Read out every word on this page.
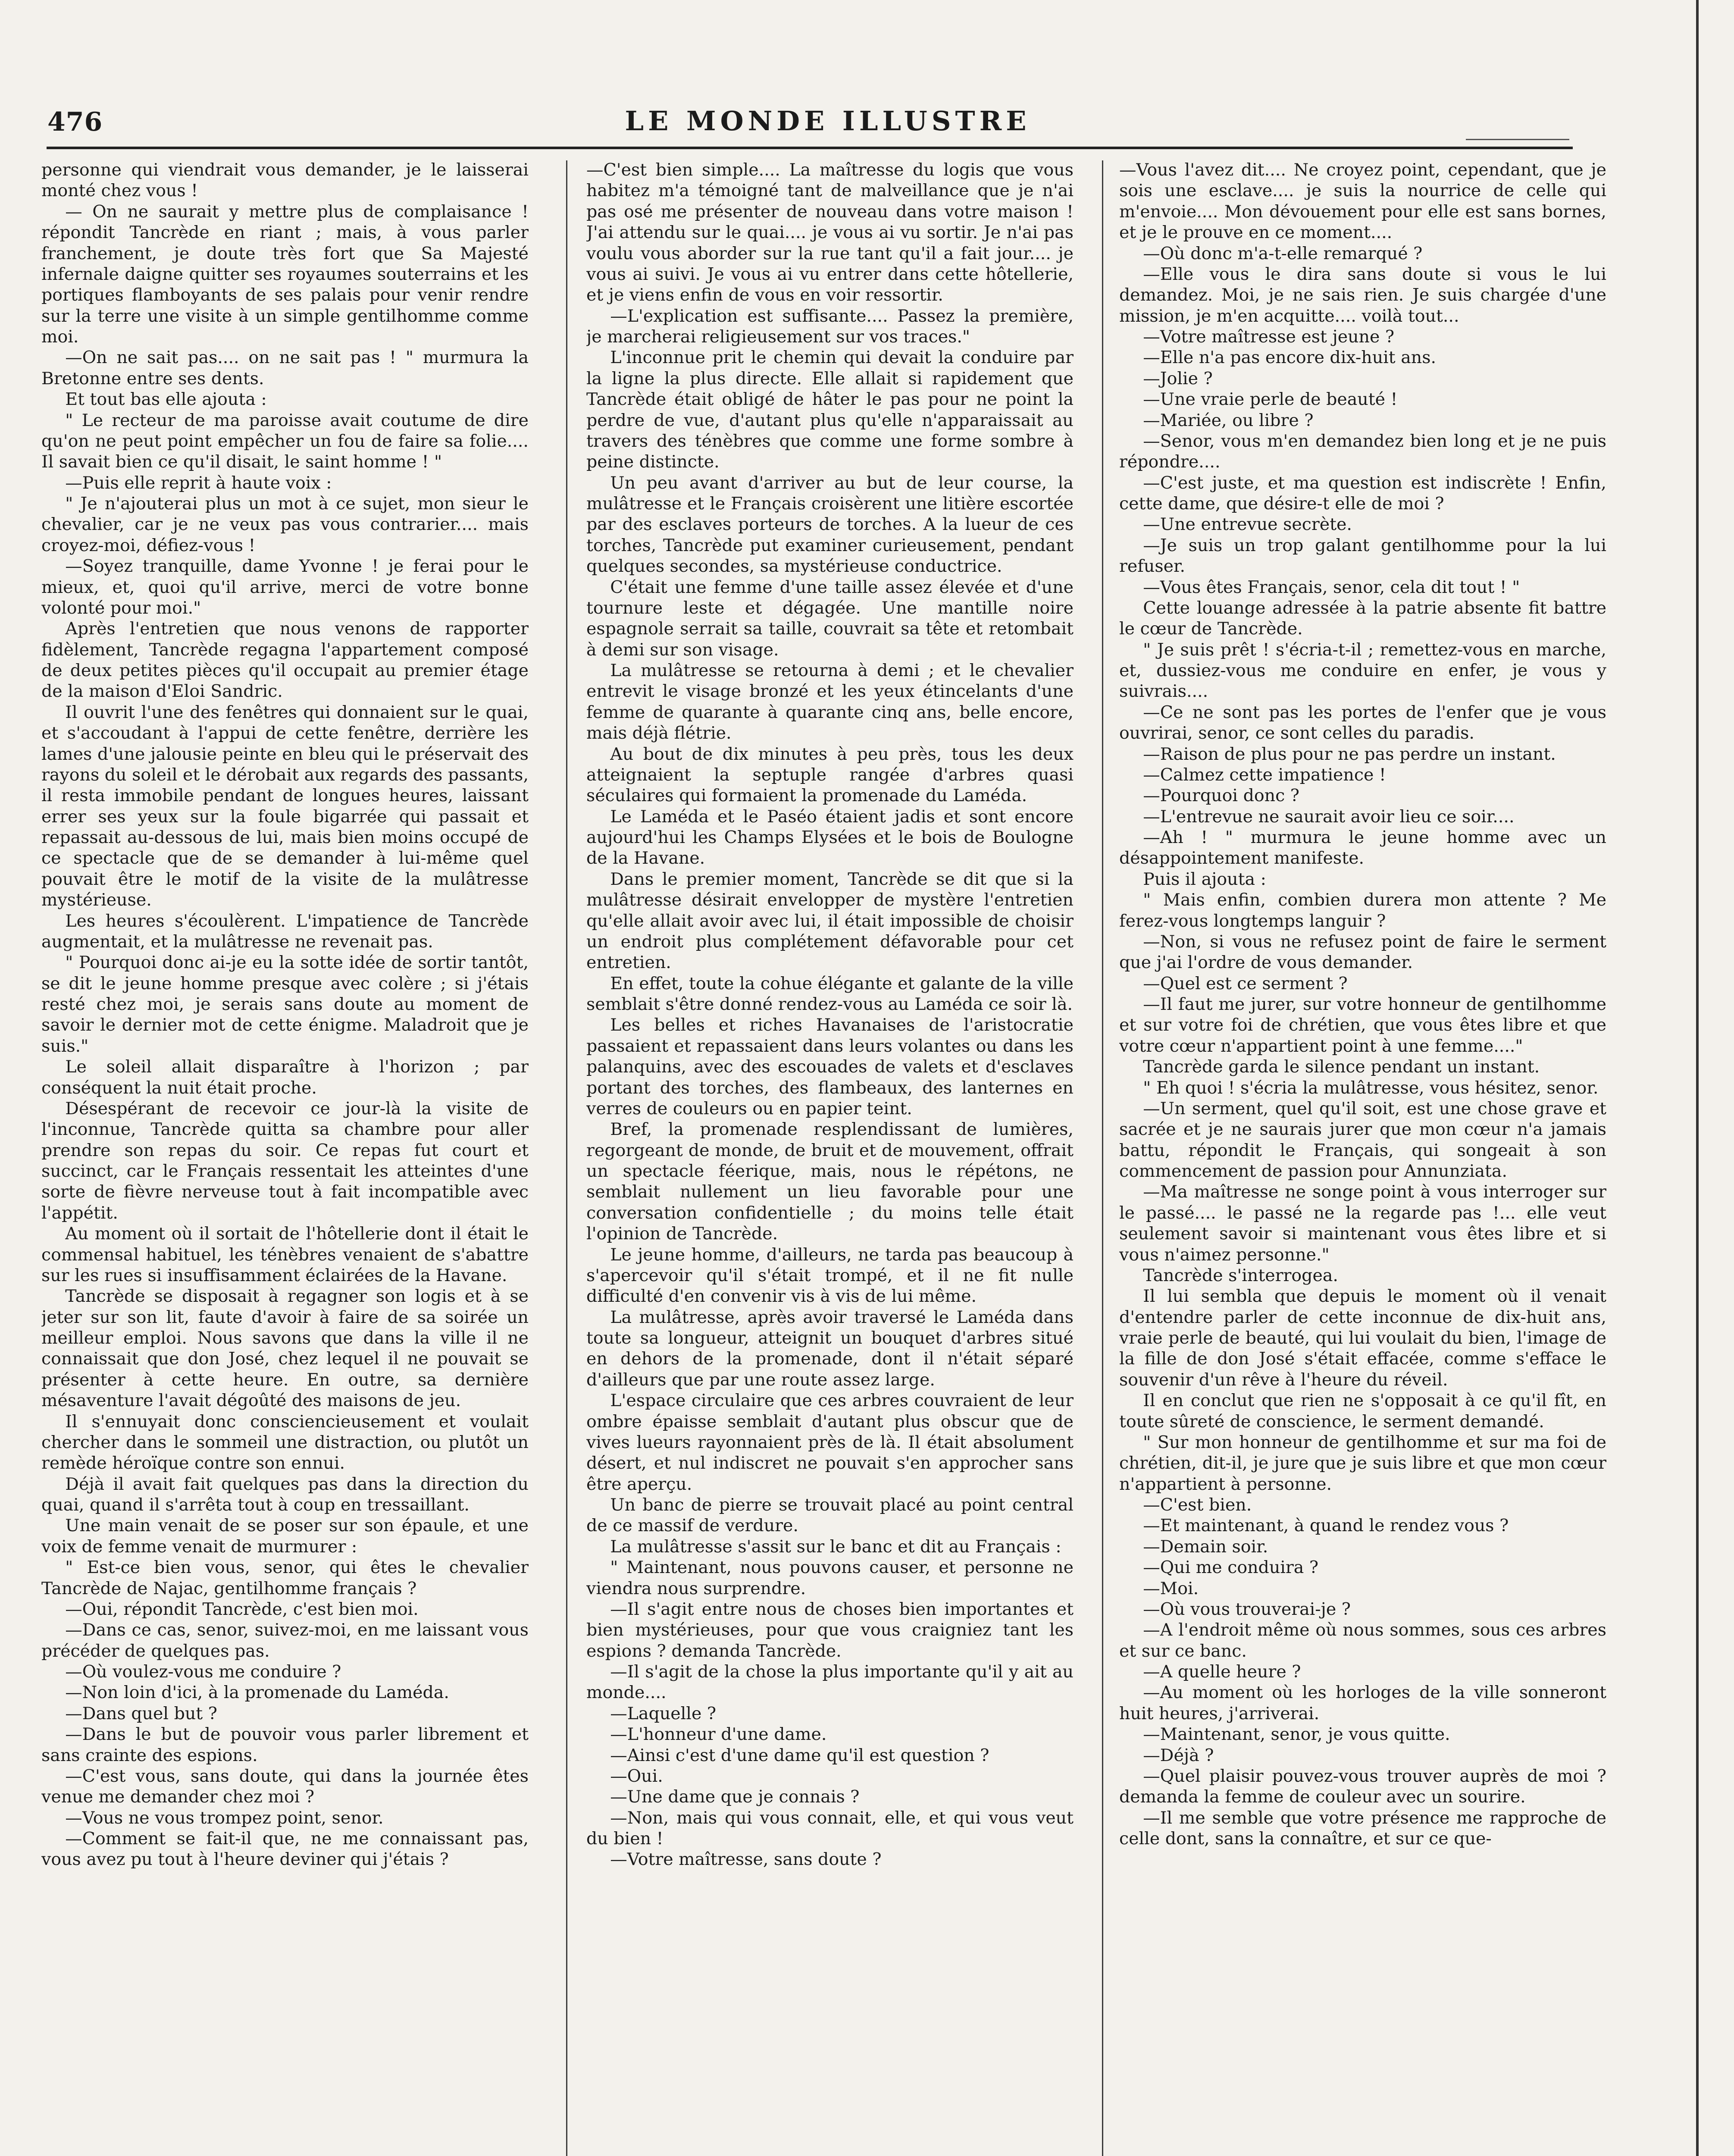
476	LE MONDE ILLUSTRE

personne qui viendrait vous demander, je le laisserai monté chez vous !

— On ne saurait y mettre plus de complaisance ! répondit Tancrède en riant ; mais, à vous parler franchement, je doute très fort que Sa Majesté infernale daigne quitter ses royaumes souterrains et les portiques flamboyants de ses palais pour venir rendre sur la terre une visite à un simple gentilhomme comme moi.

—On ne sait pas.... on ne sait pas ! " murmura la Bretonne entre ses dents.

Et tout bas elle ajouta :

" Le recteur de ma paroisse avait coutume de dire qu'on ne peut point empêcher un fou de faire sa folie.... Il savait bien ce qu'il disait, le saint homme ! "

—Puis elle reprit à haute voix :

" Je n'ajouterai plus un mot à ce sujet, mon sieur le chevalier, car je ne veux pas vous contrarier.... mais croyez-moi, défiez-vous !

—Soyez tranquille, dame Yvonne ! je ferai pour le mieux, et, quoi qu'il arrive, merci de votre bonne volonté pour moi."

Après l'entretien que nous venons de rapporter fidèlement, Tancrède regagna l'appartement composé de deux petites pièces qu'il occupait au premier étage de la maison d'Eloi Sandric.

Il ouvrit l'une des fenêtres qui donnaient sur le quai, et s'accoudant à l'appui de cette fenêtre, derrière les lames d'une jalousie peinte en bleu qui le préservait des rayons du soleil et le dérobait aux regards des passants, il resta immobile pendant de longues heures, laissant errer ses yeux sur la foule bigarrée qui passait et repassait au-dessous de lui, mais bien moins occupé de ce spectacle que de se demander à lui-même quel pouvait être le motif de la visite de la mulâtresse mystérieuse.

Les heures s'écoulèrent. L'impatience de Tancrède augmentait, et la mulâtresse ne revenait pas.

" Pourquoi donc ai-je eu la sotte idée de sortir tantôt, se dit le jeune homme presque avec colère ; si j'étais resté chez moi, je serais sans doute au moment de savoir le dernier mot de cette énigme. Maladroit que je suis."

Le soleil allait disparaître à l'horizon ; par conséquent la nuit était proche.

Désespérant de recevoir ce jour-là la visite de l'inconnue, Tancrède quitta sa chambre pour aller prendre son repas du soir. Ce repas fut court et succinct, car le Français ressentait les atteintes d'une sorte de fièvre nerveuse tout à fait incompatible avec l'appétit.

Au moment où il sortait de l'hôtellerie dont il était le commensal habituel, les ténèbres venaient de s'abattre sur les rues si insuffisamment éclairées de la Havane.

Tancrède se disposait à regagner son logis et à se jeter sur son lit, faute d'avoir à faire de sa soirée un meilleur emploi. Nous savons que dans la ville il ne connaissait que don José, chez lequel il ne pouvait se présenter à cette heure. En outre, sa dernière mésaventure l'avait dégoûté des maisons de jeu.

Il s'ennuyait donc consciencieusement et voulait chercher dans le sommeil une distraction, ou plutôt un remède héroïque contre son ennui.

Déjà il avait fait quelques pas dans la direction du quai, quand il s'arrêta tout à coup en tressaillant.

Une main venait de se poser sur son épaule, et une voix de femme venait de murmurer :

" Est-ce bien vous, senor, qui êtes le chevalier Tancrède de Najac, gentilhomme français ?

—Oui, répondit Tancrède, c'est bien moi.

—Dans ce cas, senor, suivez-moi, en me laissant vous précéder de quelques pas.

—Où voulez-vous me conduire ?

—Non loin d'ici, à la promenade du Laméda.

—Dans quel but ?

—Dans le but de pouvoir vous parler librement et sans crainte des espions.

—C'est vous, sans doute, qui dans la journée êtes venue me demander chez moi ?

—Vous ne vous trompez point, senor.

—Comment se fait-il que, ne me connaissant pas, vous avez pu tout à l'heure deviner qui j'étais ?

—C'est bien simple.... La maîtresse du logis que vous habitez m'a témoigné tant de malveillance que je n'ai pas osé me présenter de nouveau dans votre maison ! J'ai attendu sur le quai.... je vous ai vu sortir. Je n'ai pas voulu vous aborder sur la rue tant qu'il a fait jour.... je vous ai suivi. Je vous ai vu entrer dans cette hôtellerie, et je viens enfin de vous en voir ressortir.

—L'explication est suffisante.... Passez la première, je marcherai religieusement sur vos traces."

L'inconnue prit le chemin qui devait la conduire par la ligne la plus directe. Elle allait si rapidement que Tancrède était obligé de hâter le pas pour ne point la perdre de vue, d'autant plus qu'elle n'apparaissait au travers des ténèbres que comme une forme sombre à peine distincte.

Un peu avant d'arriver au but de leur course, la mulâtresse et le Français croisèrent une litière escortée par des esclaves porteurs de torches. A la lueur de ces torches, Tancrède put examiner curieusement, pendant quelques secondes, sa mystérieuse conductrice.

C'était une femme d'une taille assez élevée et d'une tournure leste et dégagée. Une mantille noire espagnole serrait sa taille, couvrait sa tête et retombait à demi sur son visage.

La mulâtresse se retourna à demi ; et le chevalier entrevit le visage bronzé et les yeux étincelants d'une femme de quarante à quarante cinq ans, belle encore, mais déjà flétrie.

Au bout de dix minutes à peu près, tous les deux atteignaient la septuple rangée d'arbres quasi séculaires qui formaient la promenade du Laméda.

Le Laméda et le Paséo étaient jadis et sont encore aujourd'hui les Champs Elysées et le bois de Boulogne de la Havane.

Dans le premier moment, Tancrède se dit que si la mulâtresse désirait envelopper de mystère l'entretien qu'elle allait avoir avec lui, il était impossible de choisir un endroit plus complétement défavorable pour cet entretien.

En effet, toute la cohue élégante et galante de la ville semblait s'être donné rendez-vous au Laméda ce soir là.

Les belles et riches Havanaises de l'aristocratie passaient et repassaient dans leurs volantes ou dans les palanquins, avec des escouades de valets et d'esclaves portant des torches, des flambeaux, des lanternes en verres de couleurs ou en papier teint.

Bref, la promenade resplendissant de lumières, regorgeant de monde, de bruit et de mouvement, offrait un spectacle féerique, mais, nous le répétons, ne semblait nullement un lieu favorable pour une conversation confidentielle ; du moins telle était l'opinion de Tancrède.

Le jeune homme, d'ailleurs, ne tarda pas beaucoup à s'apercevoir qu'il s'était trompé, et il ne fit nulle difficulté d'en convenir vis à vis de lui même.

La mulâtresse, après avoir traversé le Laméda dans toute sa longueur, atteignit un bouquet d'arbres situé en dehors de la promenade, dont il n'était séparé d'ailleurs que par une route assez large.

L'espace circulaire que ces arbres couvraient de leur ombre épaisse semblait d'autant plus obscur que de vives lueurs rayonnaient près de là. Il était absolument désert, et nul indiscret ne pouvait s'en approcher sans être aperçu.

Un banc de pierre se trouvait placé au point central de ce massif de verdure.

La mulâtresse s'assit sur le banc et dit au Français :

" Maintenant, nous pouvons causer, et personne ne viendra nous surprendre.

—Il s'agit entre nous de choses bien importantes et bien mystérieuses, pour que vous craigniez tant les espions ? demanda Tancrède.

—Il s'agit de la chose la plus importante qu'il y ait au monde....

—Laquelle ?

—L'honneur d'une dame.

—Ainsi c'est d'une dame qu'il est question ?

—Oui.

—Une dame que je connais ?

—Non, mais qui vous connait, elle, et qui vous veut du bien !

—Votre maîtresse, sans doute ?

—Vous l'avez dit.... Ne croyez point, cependant, que je sois une esclave.... je suis la nourrice de celle qui m'envoie.... Mon dévouement pour elle est sans bornes, et je le prouve en ce moment....

—Où donc m'a-t-elle remarqué ?

—Elle vous le dira sans doute si vous le lui demandez. Moi, je ne sais rien. Je suis chargée d'une mission, je m'en acquitte.... voilà tout...

—Votre maîtresse est jeune ?

—Elle n'a pas encore dix-huit ans.

—Jolie ?

—Une vraie perle de beauté !

—Mariée, ou libre ?

—Senor, vous m'en demandez bien long et je ne puis répondre....

—C'est juste, et ma question est indiscrète ! Enfin, cette dame, que désire-t elle de moi ?

—Une entrevue secrète.

—Je suis un trop galant gentilhomme pour la lui refuser.

—Vous êtes Français, senor, cela dit tout ! "

Cette louange adressée à la patrie absente fit battre le cœur de Tancrède.

" Je suis prêt ! s'écria-t-il ; remettez-vous en marche, et, dussiez-vous me conduire en enfer, je vous y suivrais....

—Ce ne sont pas les portes de l'enfer que je vous ouvrirai, senor, ce sont celles du paradis.

—Raison de plus pour ne pas perdre un instant.

—Calmez cette impatience !

—Pourquoi donc ?

—L'entrevue ne saurait avoir lieu ce soir....

—Ah ! " murmura le jeune homme avec un désappointement manifeste.

Puis il ajouta :

" Mais enfin, combien durera mon attente ? Me ferez-vous longtemps languir ?

—Non, si vous ne refusez point de faire le serment que j'ai l'ordre de vous demander.

—Quel est ce serment ?

—Il faut me jurer, sur votre honneur de gentilhomme et sur votre foi de chrétien, que vous êtes libre et que votre cœur n'appartient point à une femme...."

Tancrède garda le silence pendant un instant.

" Eh quoi ! s'écria la mulâtresse, vous hésitez, senor.

—Un serment, quel qu'il soit, est une chose grave et sacrée et je ne saurais jurer que mon cœur n'a jamais battu, répondit le Français, qui songeait à son commencement de passion pour Annunziata.

—Ma maîtresse ne songe point à vous interroger sur le passé.... le passé ne la regarde pas !... elle veut seulement savoir si maintenant vous êtes libre et si vous n'aimez personne."

Tancrède s'interrogea.

Il lui sembla que depuis le moment où il venait d'entendre parler de cette inconnue de dix-huit ans, vraie perle de beauté, qui lui voulait du bien, l'image de la fille de don José s'était effacée, comme s'efface le souvenir d'un rêve à l'heure du réveil.

Il en conclut que rien ne s'opposait à ce qu'il fît, en toute sûreté de conscience, le serment demandé.

" Sur mon honneur de gentilhomme et sur ma foi de chrétien, dit-il, je jure que je suis libre et que mon cœur n'appartient à personne.

—C'est bien.

—Et maintenant, à quand le rendez vous ?

—Demain soir.

—Qui me conduira ?

—Moi.

—Où vous trouverai-je ?

—A l'endroit même où nous sommes, sous ces arbres et sur ce banc.

—A quelle heure ?

—Au moment où les horloges de la ville sonneront huit heures, j'arriverai.

—Maintenant, senor, je vous quitte.

—Déjà ?

—Quel plaisir pouvez-vous trouver auprès de moi ? demanda la femme de couleur avec un sourire.

—Il me semble que votre présence me rapproche de celle dont, sans la connaître, et sur ce que-
